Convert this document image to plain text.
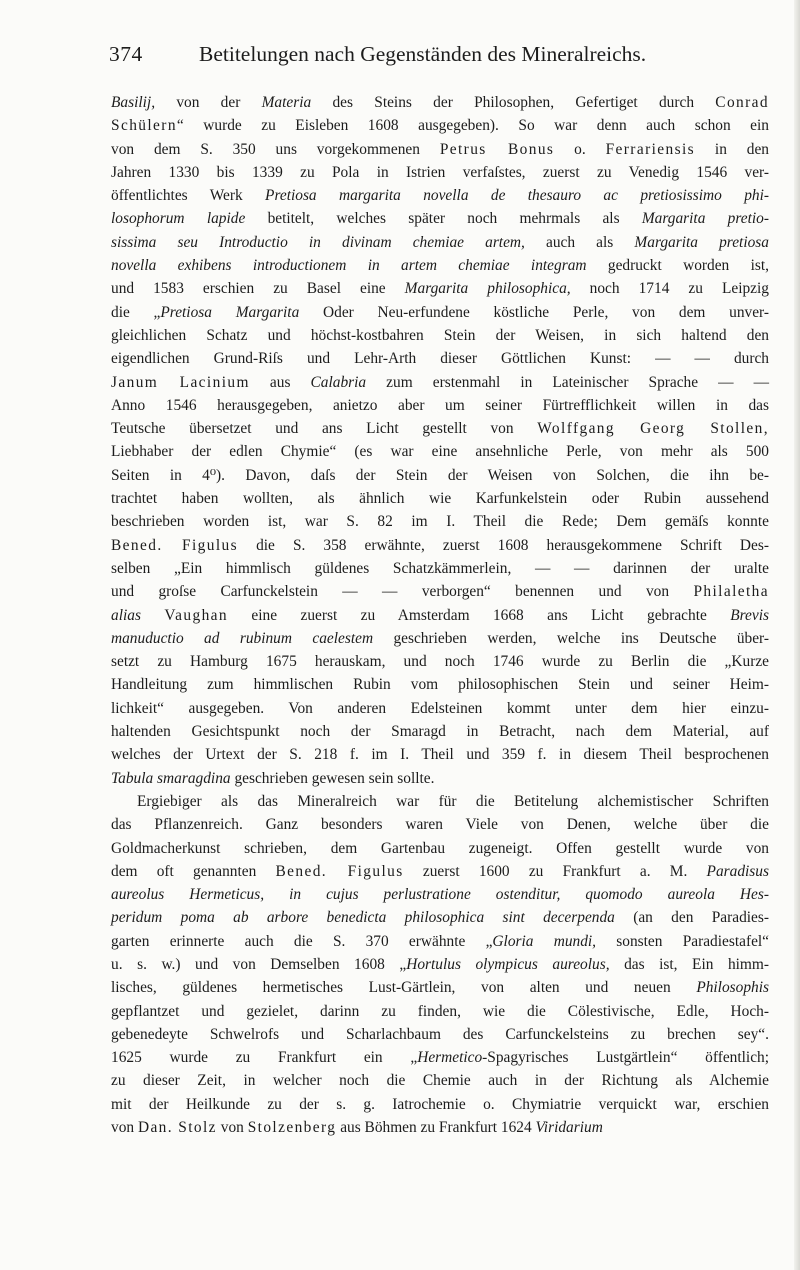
374	Betitelungen nach Gegenständen des Mineralreichs.
Basilij, von der Materia des Steins der Philosophen, Gefertiget durch Conrad
Schülern“ wurde zu Eisleben 1608 ausgegeben). So war denn auch schon ein
von dem S. 350 uns vorgekommenen Petrus Bonus o. Ferrariensis in den
Jahren 1330 bis 1339 zu Pola in Istrien verfaſstes, zuerst zu Venedig 1546 ver-
öffentlichtes Werk Pretiosa margarita novella de thesauro ac pretiosissimo phi-
losophorum lapide betitelt, welches später noch mehrmals als Margarita pretio-
sissima seu Introductio in divinam chemiae artem, auch als Margarita pretiosa
novella exhibens introductionem in artem chemiae integram gedruckt worden ist,
und 1583 erschien zu Basel eine Margarita philosophica, noch 1714 zu Leipzig
die „Pretiosa Margarita Oder Neu-erfundene köstliche Perle, von dem unver-
gleichlichen Schatz und höchst-kostbahren Stein der Weisen, in sich haltend den
eigendlichen Grund-Riſs und Lehr-Arth dieser Göttlichen Kunst: — — durch
Janum Lacinium aus Calabria zum erstenmahl in Lateinischer Sprache — —
Anno 1546 herausgegeben, anietzo aber um seiner Fürtrefflichkeit willen in das
Teutsche übersetzet und ans Licht gestellt von Wolffgang Georg Stollen,
Liebhaber der edlen Chymie“ (es war eine ansehnliche Perle, von mehr als 500
Seiten in 4⁰). Davon, daſs der Stein der Weisen von Solchen, die ihn be-
trachtet haben wollten, als ähnlich wie Karfunkelstein oder Rubin aussehend
beschrieben worden ist, war S. 82 im I. Theil die Rede; Dem gemäſs konnte
Bened. Figulus die S. 358 erwähnte, zuerst 1608 herausgekommene Schrift Des-
selben „Ein himmlisch güldenes Schatzkämmerlein, — — darinnen der uralte
und groſse Carfunckelstein — — verborgen“ benennen und von Philaletha
alias Vaughan eine zuerst zu Amsterdam 1668 ans Licht gebrachte Brevis
manuductio ad rubinum caelestem geschrieben werden, welche ins Deutsche über-
setzt zu Hamburg 1675 herauskam, und noch 1746 wurde zu Berlin die „Kurze
Handleitung zum himmlischen Rubin vom philosophischen Stein und seiner Heim-
lichkeit“ ausgegeben. Von anderen Edelsteinen kommt unter dem hier einzu-
haltenden Gesichtspunkt noch der Smaragd in Betracht, nach dem Material, auf
welches der Urtext der S. 218 f. im I. Theil und 359 f. in diesem Theil besprochenen
Tabula smaragdina geschrieben gewesen sein sollte.
Ergiebiger als das Mineralreich war für die Betitelung alchemistischer Schriften
das Pflanzenreich. Ganz besonders waren Viele von Denen, welche über die
Goldmacherkunst schrieben, dem Gartenbau zugeneigt. Offen gestellt wurde von
dem oft genannten Bened. Figulus zuerst 1600 zu Frankfurt a. M. Paradisus
aureolus Hermeticus, in cujus perlustratione ostenditur, quomodo aureola Hes-
peridum poma ab arbore benedicta philosophica sint decerpenda (an den Paradies-
garten erinnerte auch die S. 370 erwähnte „Gloria mundi, sonsten Paradiestafel“
u. s. w.) und von Demselben 1608 „Hortulus olympicus aureolus, das ist, Ein himm-
lisches, güldenes hermetisches Lust-Gärtlein, von alten und neuen Philosophis
gepflantzet und gezielet, darinn zu finden, wie die Cölestivische, Edle, Hoch-
gebenedeyte Schwelrofs und Scharlachbaum des Carfunckelsteins zu brechen sey“.
1625 wurde zu Frankfurt ein „Hermetico-Spagyrisches Lustgärtlein“ öffentlich;
zu dieser Zeit, in welcher noch die Chemie auch in der Richtung als Alchemie
mit der Heilkunde zu der s. g. Iatrochemie o. Chymiatrie verquickt war, erschien
von Dan. Stolz von Stolzenberg aus Böhmen zu Frankfurt 1624 Viridarium
